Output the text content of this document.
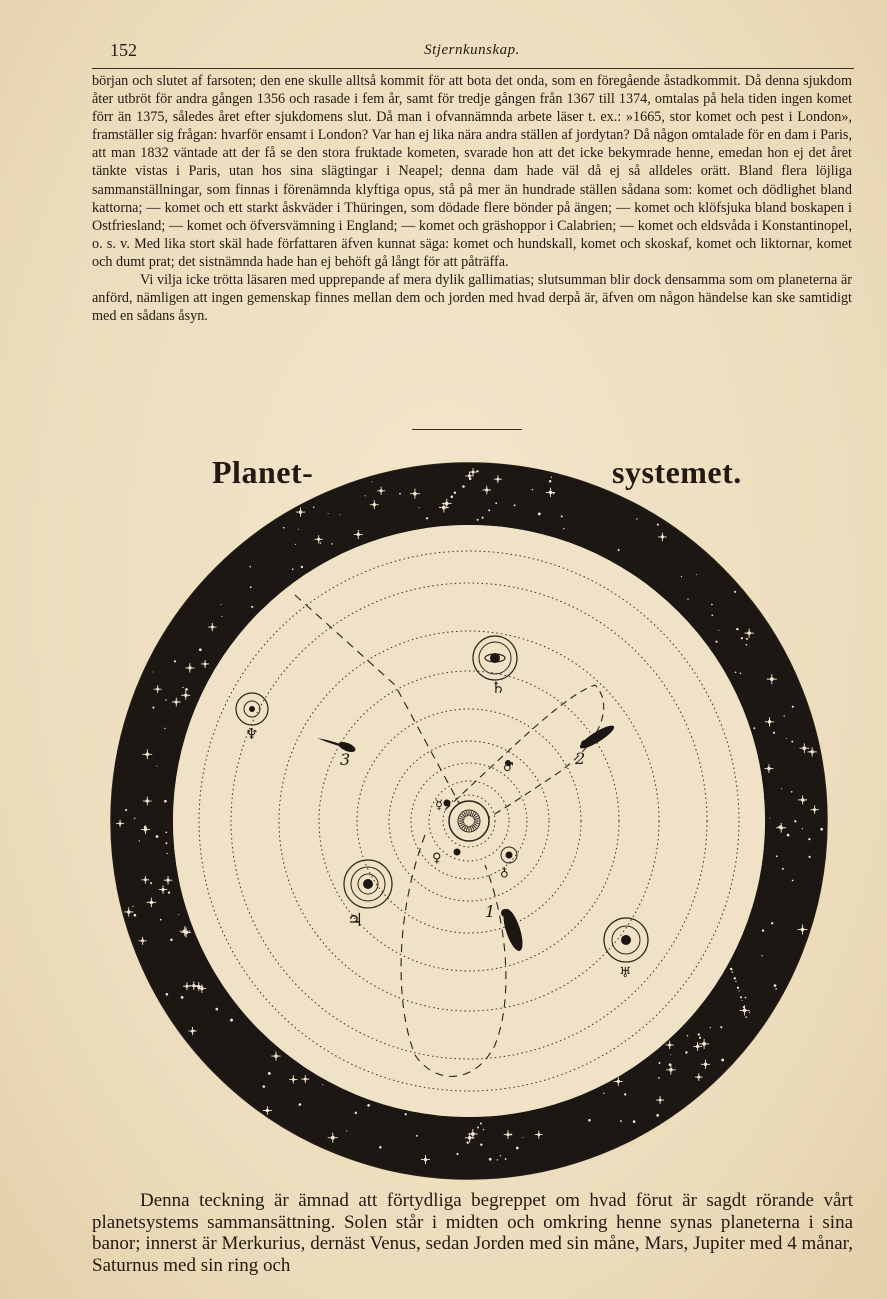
152	Stjernkunskap.

början och slutet af farsoten; den ene skulle alltså kommit för att bota det onda, som en föregående åstadkommit. Då denna sjukdom åter utbröt för andra gången 1356 och rasade i fem år, samt för tredje gången från 1367 till 1374, omtalas på hela tiden ingen komet förr än 1375, således året efter sjukdomens slut. Då man i ofvannämnda arbete läser t. ex.: »1665, stor komet och pest i London», framställer sig frågan: hvarför ensamt i London? Var han ej lika nära andra ställen af jordytan? Då någon omtalade för en dam i Paris, att man 1832 väntade att der få se den stora fruktade kometen, svarade hon att det icke bekymrade henne, emedan hon ej det året tänkte vistas i Paris, utan hos sina slägtingar i Neapel; denna dam hade väl då ej så alldeles orätt. Bland flera löjliga sammanställningar, som finnas i förenämnda klyftiga opus, stå på mer än hundrade ställen sådana som: komet och dödlighet bland kattorna; — komet och ett starkt åskväder i Thüringen, som dödade flere bönder på ängen; — komet och klöfsjuka bland boskapen i Ostfriesland; — komet och öfversvämning i England; — komet och gräshoppor i Calabrien; — komet och eldsvåda i Konstantinopel, o. s. v. Med lika stort skäl hade författaren äfven kunnat säga: komet och hundskall, komet och skoskaf, komet och liktornar, komet och dumt prat; det sistnämnda hade han ej behöft gå långt för att påträffa.

Vi vilja icke trötta läsaren med upprepande af mera dylik gallimatias; slutsumman blir dock densamma som om planeterna är anförd, nämligen att ingen gemenskap finnes mellan dem och jorden med hvad derpå är, äfven om någon händelse kan ske samtidigt med en sådans åsyn.

♄
♃
♅
♆
♂
☿
♀
♁
1
2
3
Planet-	systemet.

Denna teckning är ämnad att förtydliga begreppet om hvad förut är sagdt rörande vårt planetsystems sammansättning. Solen står i midten och omkring henne synas planeterna i sina banor; innerst är Merkurius, dernäst Venus, sedan Jorden med sin måne, Mars, Jupiter med 4 månar, Saturnus med sin ring och
